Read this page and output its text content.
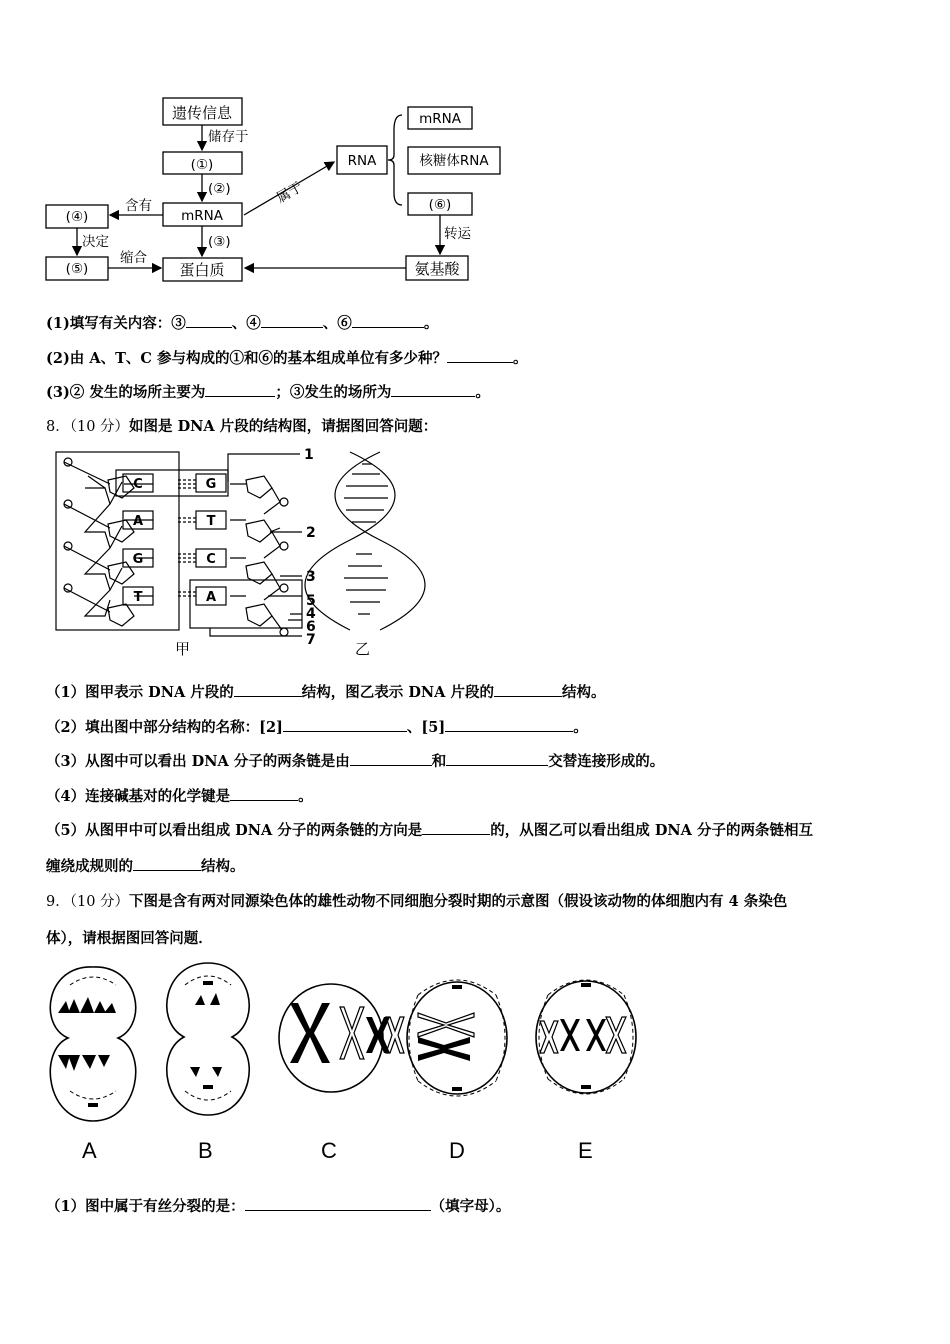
遗传信息
储存于
(①)
(②)
mRNA
(③)
蛋白质
(④)
含有
决定
(⑤)
缩合
属于
RNA
mRNA
核糖体RNA
(⑥)
转运
氨基酸
(1)填写有关内容：③	、④	、⑥	。
(2)由 A、T、C 参与构成的①和⑥的基本组成单位有多少种？	。
(3)② 发生的场所主要为	；③发生的场所为	。
8．（10 分）如图是 DNA 片段的结构图，请据图回答问题：
C
A
G
T
G
T
C
A
1
2
3
5
4
6
7
甲	乙
（1）图甲表示 DNA 片段的	结构，图乙表示 DNA 片段的	结构。
（2）填出图中部分结构的名称：[2]	、[5]	。
（3）从图中可以看出 DNA 分子的两条链是由	和	交替连接形成的。
（4）连接碱基对的化学键是	。
（5）从图甲中可以看出组成 DNA 分子的两条链的方向是	的，从图乙可以看出组成 DNA 分子的两条链相互
缠绕成规则的	结构。
9．（10 分）下图是含有两对同源染色体的雄性动物不同细胞分裂时期的示意图（假设该动物的体细胞内有 4 条染色
体），请根据图回答问题．
A	B	C	D	E
（1）图中属于有丝分裂的是：	（填字母）。
